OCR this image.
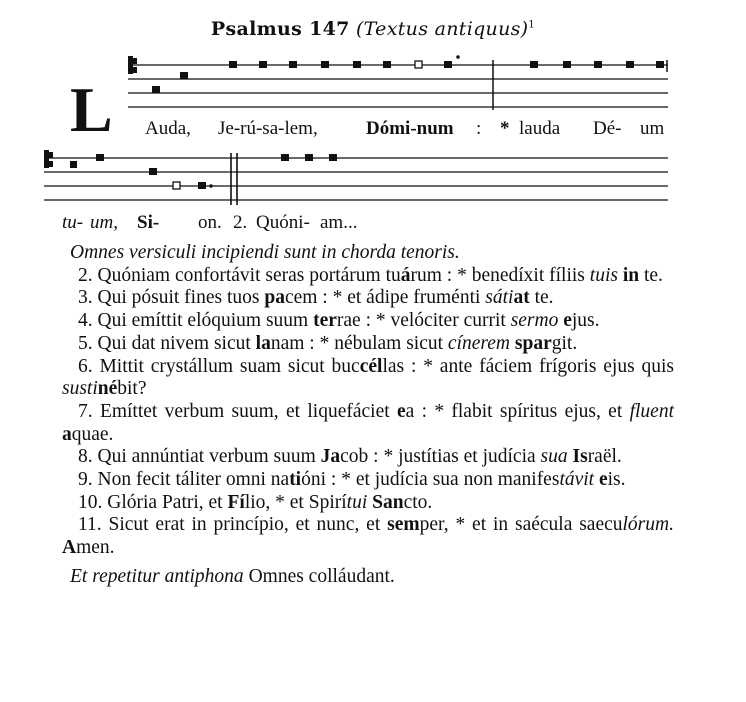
Psalmus 147 (Textus antiquus)$^1$
L Auda, Je-rú-sa-lem,	Dómi-num : * lauda Dé- um
tu- um, Si- on. 2. Quóni- am...

Omnes versiculi incipiendi sunt in chorda tenoris.

2. Quóniam confortávit seras portárum tuárum : * benedíxit fíliis tuis in te.

3. Qui pósuit fines tuos pacem : * et ádipe fruménti sátiat te.

4. Qui emíttit elóquium suum terrae : * velóciter currit sermo ejus.

5. Qui dat nivem sicut lanam : * nébulam sicut cínerem spargit.

6. Mittit crystállum suam sicut buccéllas : * ante fáciem frígoris ejus quis sustinébit?

7. Emíttet verbum suum, et liquefáciet ea : * flabit spíritus ejus, et fluent aquae.

8. Qui annúntiat verbum suum Jacob : * justítias et judícia sua Israël.

9. Non fecit táliter omni natióni : * et judícia sua non manifestávit eis.

10. Glória Patri, et Fílio, * et Spirítui Sancto.

11. Sicut erat in princípio, et nunc, et semper, * et in saécula saeculórum. Amen.

Et repetitur antiphona Omnes colláudant.
